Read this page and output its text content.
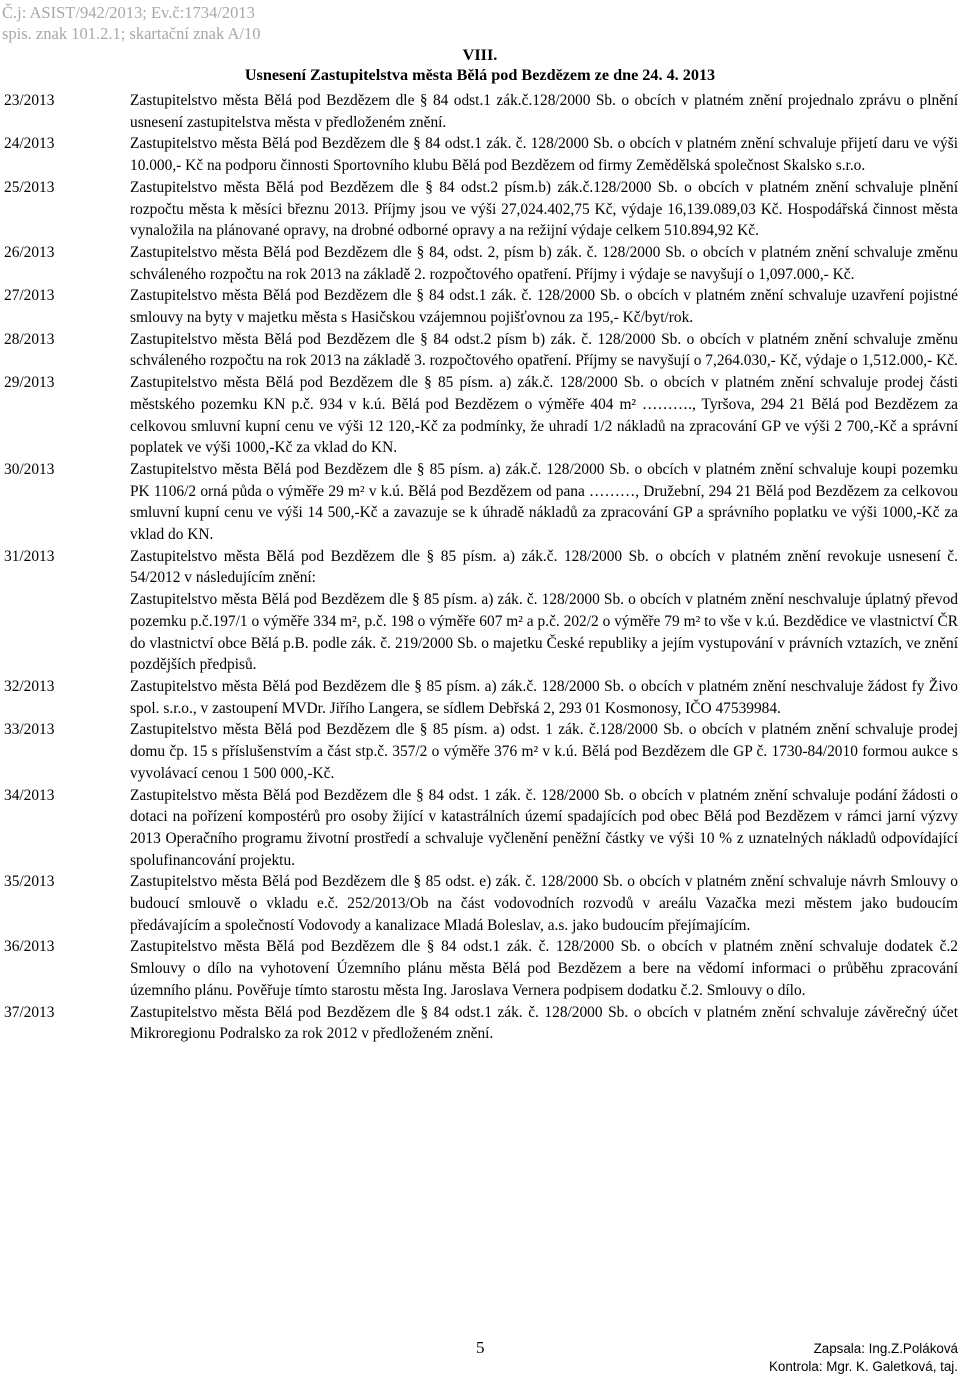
Č.j: ASIST/942/2013; Ev.č:1734/2013
spis. znak 101.2.1; skartační znak A/10
VIII.
Usnesení Zastupitelstva města Bělá pod Bezdězem ze dne 24. 4. 2013
23/2013	Zastupitelstvo města Bělá pod Bezdězem dle § 84 odst.1 zák.č.128/2000 Sb. o obcích v platném znění projednalo zprávu o plnění usnesení zastupitelstva města v předloženém znění.

24/2013	Zastupitelstvo města Bělá pod Bezdězem dle § 84 odst.1 zák. č. 128/2000 Sb. o obcích v platném znění schvaluje přijetí daru ve výši 10.000,- Kč na podporu činnosti Sportovního klubu Bělá pod Bezdězem od firmy Zemědělská společnost Skalsko s.r.o.

25/2013	Zastupitelstvo města Bělá pod Bezdězem dle § 84 odst.2 písm.b) zák.č.128/2000 Sb. o obcích v platném znění schvaluje plnění rozpočtu města k měsíci březnu 2013. Příjmy jsou ve výši 27,024.402,75 Kč, výdaje 16,139.089,03 Kč. Hospodářská činnost města vynaložila na plánované opravy, na drobné odborné opravy a na režijní výdaje celkem 510.894,92 Kč.

26/2013	Zastupitelstvo města Bělá pod Bezdězem dle § 84, odst. 2, písm b) zák. č. 128/2000 Sb. o obcích v platném znění schvaluje změnu schváleného rozpočtu na rok 2013 na základě 2. rozpočtového opatření. Příjmy i výdaje se navyšují o 1,097.000,- Kč.

27/2013	Zastupitelstvo města Bělá pod Bezdězem dle § 84 odst.1 zák. č. 128/2000 Sb. o obcích v platném znění schvaluje uzavření pojistné smlouvy na byty v majetku města s Hasičskou vzájemnou pojišťovnou za 195,- Kč/byt/rok.

28/2013	Zastupitelstvo města Bělá pod Bezdězem dle § 84 odst.2 písm b) zák. č. 128/2000 Sb. o obcích v platném znění schvaluje změnu schváleného rozpočtu na rok 2013 na základě 3. rozpočtového opatření. Příjmy se navyšují o 7,264.030,- Kč, výdaje o 1,512.000,- Kč.

29/2013	Zastupitelstvo města Bělá pod Bezdězem dle § 85 písm. a) zák.č. 128/2000 Sb. o obcích v platném znění schvaluje prodej části městského pozemku KN p.č. 934 v k.ú. Bělá pod Bezdězem o výměře 404 m² ………., Tyršova, 294 21 Bělá pod Bezdězem za celkovou smluvní kupní cenu ve výši 12 120,-Kč za podmínky, že uhradí 1/2 nákladů na zpracování GP ve výši 2 700,-Kč a správní poplatek ve výši 1000,-Kč za vklad do KN.

30/2013	Zastupitelstvo města Bělá pod Bezdězem dle § 85 písm. a) zák.č. 128/2000 Sb. o obcích v platném znění schvaluje koupi pozemku PK 1106/2 orná půda o výměře 29 m² v k.ú. Bělá pod Bezdězem od pana ………, Družební, 294 21 Bělá pod Bezdězem za celkovou smluvní kupní cenu ve výši 14 500,-Kč a zavazuje se k úhradě nákladů za zpracování GP a správního poplatku ve výši 1000,-Kč za vklad do KN.

31/2013	Zastupitelstvo města Bělá pod Bezdězem dle § 85 písm. a) zák.č. 128/2000 Sb. o obcích v platném znění revokuje usnesení č. 54/2012 v následujícím znění:

Zastupitelstvo města Bělá pod Bezdězem dle § 85 písm. a) zák. č. 128/2000 Sb. o obcích v platném znění neschvaluje úplatný převod pozemku p.č.197/1 o výměře 334 m², p.č. 198 o výměře 607 m² a p.č. 202/2 o výměře 79 m² to vše v k.ú. Bezdědice ve vlastnictví ČR do vlastnictví obce Bělá p.B. podle zák. č. 219/2000 Sb. o majetku České republiky a jejím vystupování v právních vztazích, ve znění pozdějších předpisů.

32/2013	Zastupitelstvo města Bělá pod Bezdězem dle § 85 písm. a) zák.č. 128/2000 Sb. o obcích v platném znění neschvaluje žádost fy Živo spol. s.r.o., v zastoupení MVDr. Jiřího Langera, se sídlem Debřská 2, 293 01 Kosmonosy, IČO 47539984.

33/2013	Zastupitelstvo města Bělá pod Bezdězem dle § 85 písm. a) odst. 1 zák. č.128/2000 Sb. o obcích v platném znění schvaluje prodej domu čp. 15 s příslušenstvím a část stp.č. 357/2 o výměře 376 m² v k.ú. Bělá pod Bezdězem dle GP č. 1730-84/2010 formou aukce s vyvolávací cenou 1 500 000,-Kč.

34/2013	Zastupitelstvo města Bělá pod Bezdězem dle § 84 odst. 1 zák. č. 128/2000 Sb. o obcích v platném znění schvaluje podání žádosti o dotaci na pořízení kompostérů pro osoby žijící v katastrálních území spadajících pod obec Bělá pod Bezdězem v rámci jarní výzvy 2013 Operačního programu životní prostředí a schvaluje vyčlenění peněžní částky ve výši 10 % z uznatelných nákladů odpovídající spolufinancování projektu.

35/2013	Zastupitelstvo města Bělá pod Bezdězem dle § 85 odst. e) zák. č. 128/2000 Sb. o obcích v platném znění schvaluje návrh Smlouvy o budoucí smlouvě o vkladu e.č. 252/2013/Ob na část vodovodních rozvodů v areálu Vazačka mezi městem jako budoucím předávajícím a společností Vodovody a kanalizace Mladá Boleslav, a.s. jako budoucím přejímajícím.

36/2013	Zastupitelstvo města Bělá pod Bezdězem dle § 84 odst.1 zák. č. 128/2000 Sb. o obcích v platném znění schvaluje dodatek č.2 Smlouvy o dílo na vyhotovení Územního plánu města Bělá pod Bezdězem a bere na vědomí informaci o průběhu zpracování územního plánu. Pověřuje tímto starostu města Ing. Jaroslava Vernera podpisem dodatku č.2. Smlouvy o dílo.

37/2013	Zastupitelstvo města Bělá pod Bezdězem dle § 84 odst.1 zák. č. 128/2000 Sb. o obcích v platném znění schvaluje závěrečný účet Mikroregionu Podralsko za rok 2012 v předloženém znění.

5	Zapsala: Ing.Z.Poláková
Kontrola: Mgr. K. Galetková, taj.
